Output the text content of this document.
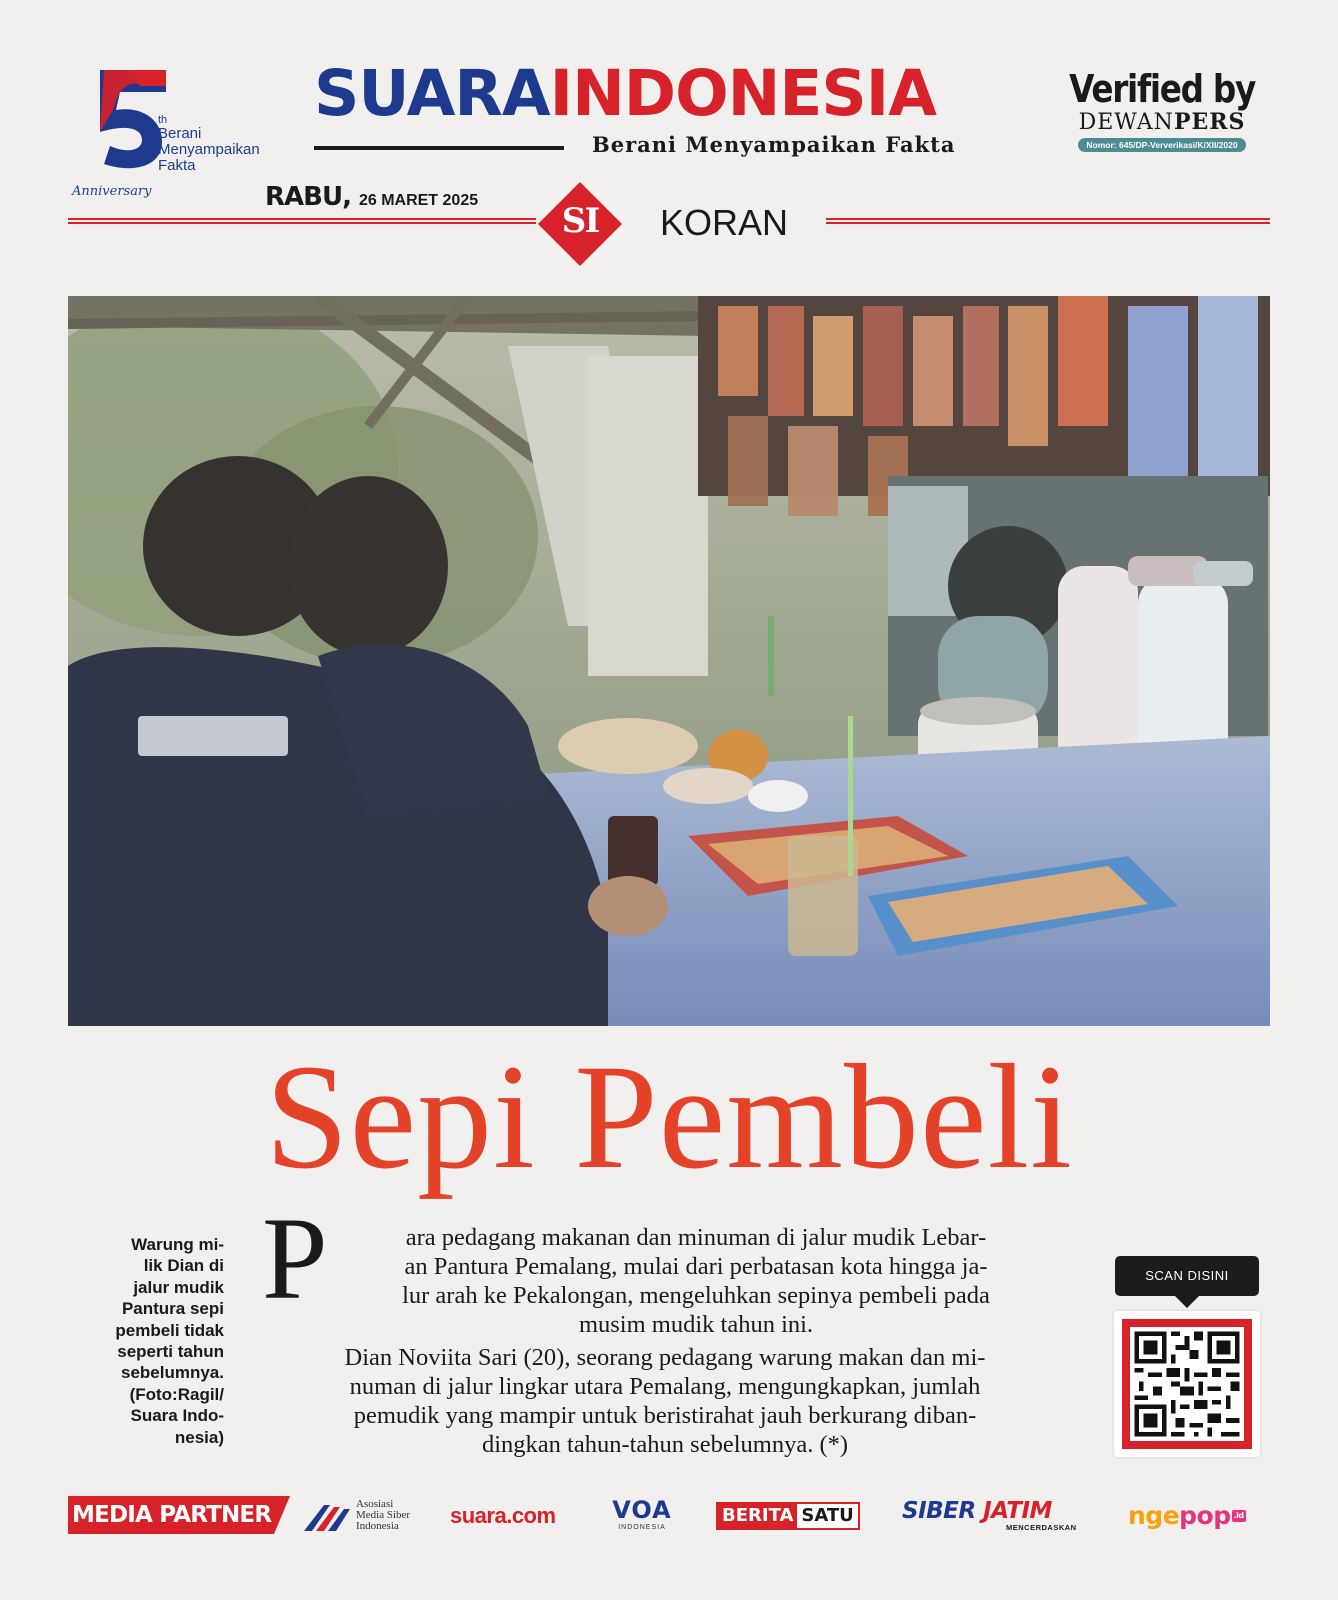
th
Berani
Menyampaikan
Fakta
Anniversary
SUARAINDONESIA
Berani Menyampaikan Fakta
Verified by
DEWANPERS
Nomor: 645/DP-Ververikasi/K/XII/2020
RABU, 26 MARET 2025
SI KORAN
Sepi Pembeli
Warung mi-
lik Dian di
jalur mudik
Pantura sepi
pembeli tidak
seperti tahun
sebelumnya.
(Foto:Ragil/
Suara Indo-
nesia)
P	ara pedagang makanan dan minuman di jalur mudik Lebar-
an Pantura Pemalang, mulai dari perbatasan kota hingga ja-
lur arah ke Pekalongan, mengeluhkan sepinya pembeli pada
musim mudik tahun ini.
Dian Noviita Sari (20), seorang pedagang warung makan dan mi-
numan di jalur lingkar utara Pemalang, mengungkapkan, jumlah
pemudik yang mampir untuk beristirahat jauh berkurang diban-
dingkan tahun-tahun sebelumnya. (*)
SCAN DISINI
MEDIA PARTNER	Asosiasi
Media Siber
Indonesia	suara.com VOA
INDONESIA
BERITA SATU SIBER JATIM
MENCERDASKAN ngepop .id
